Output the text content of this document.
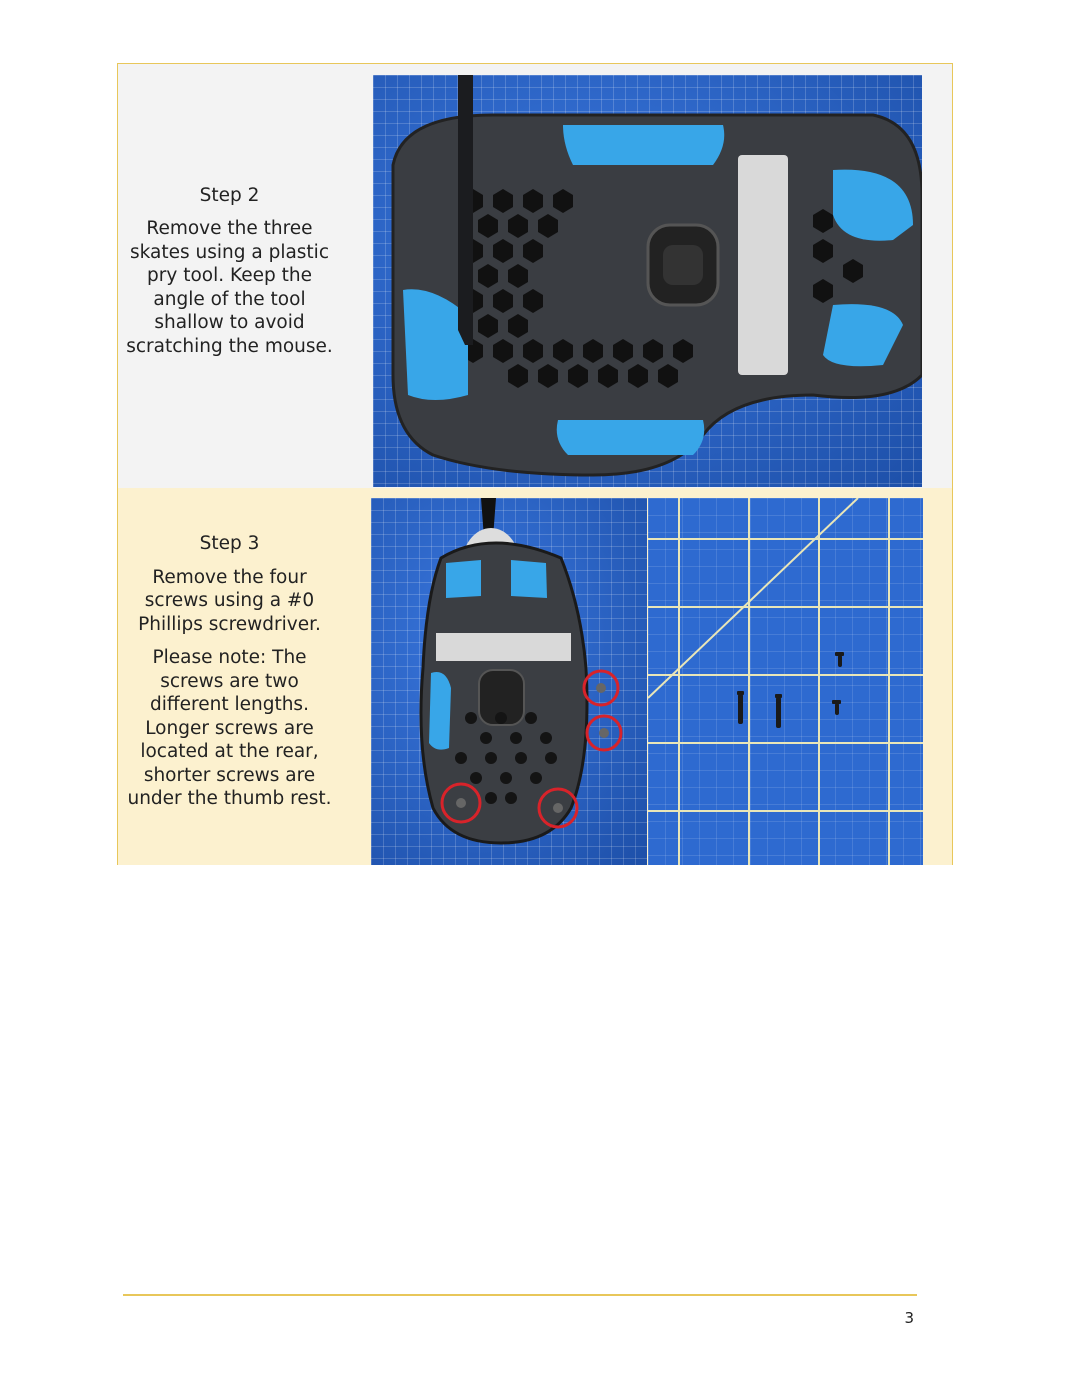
Step 2

Remove the three skates using a plastic pry tool. Keep the angle of the tool shallow to avoid scratching the mouse.

Step 3

Remove the four screws using a #0 Phillips screwdriver.

Please note: The screws are two different lengths. Longer screws are located at the rear, shorter screws are under the thumb rest.

3
